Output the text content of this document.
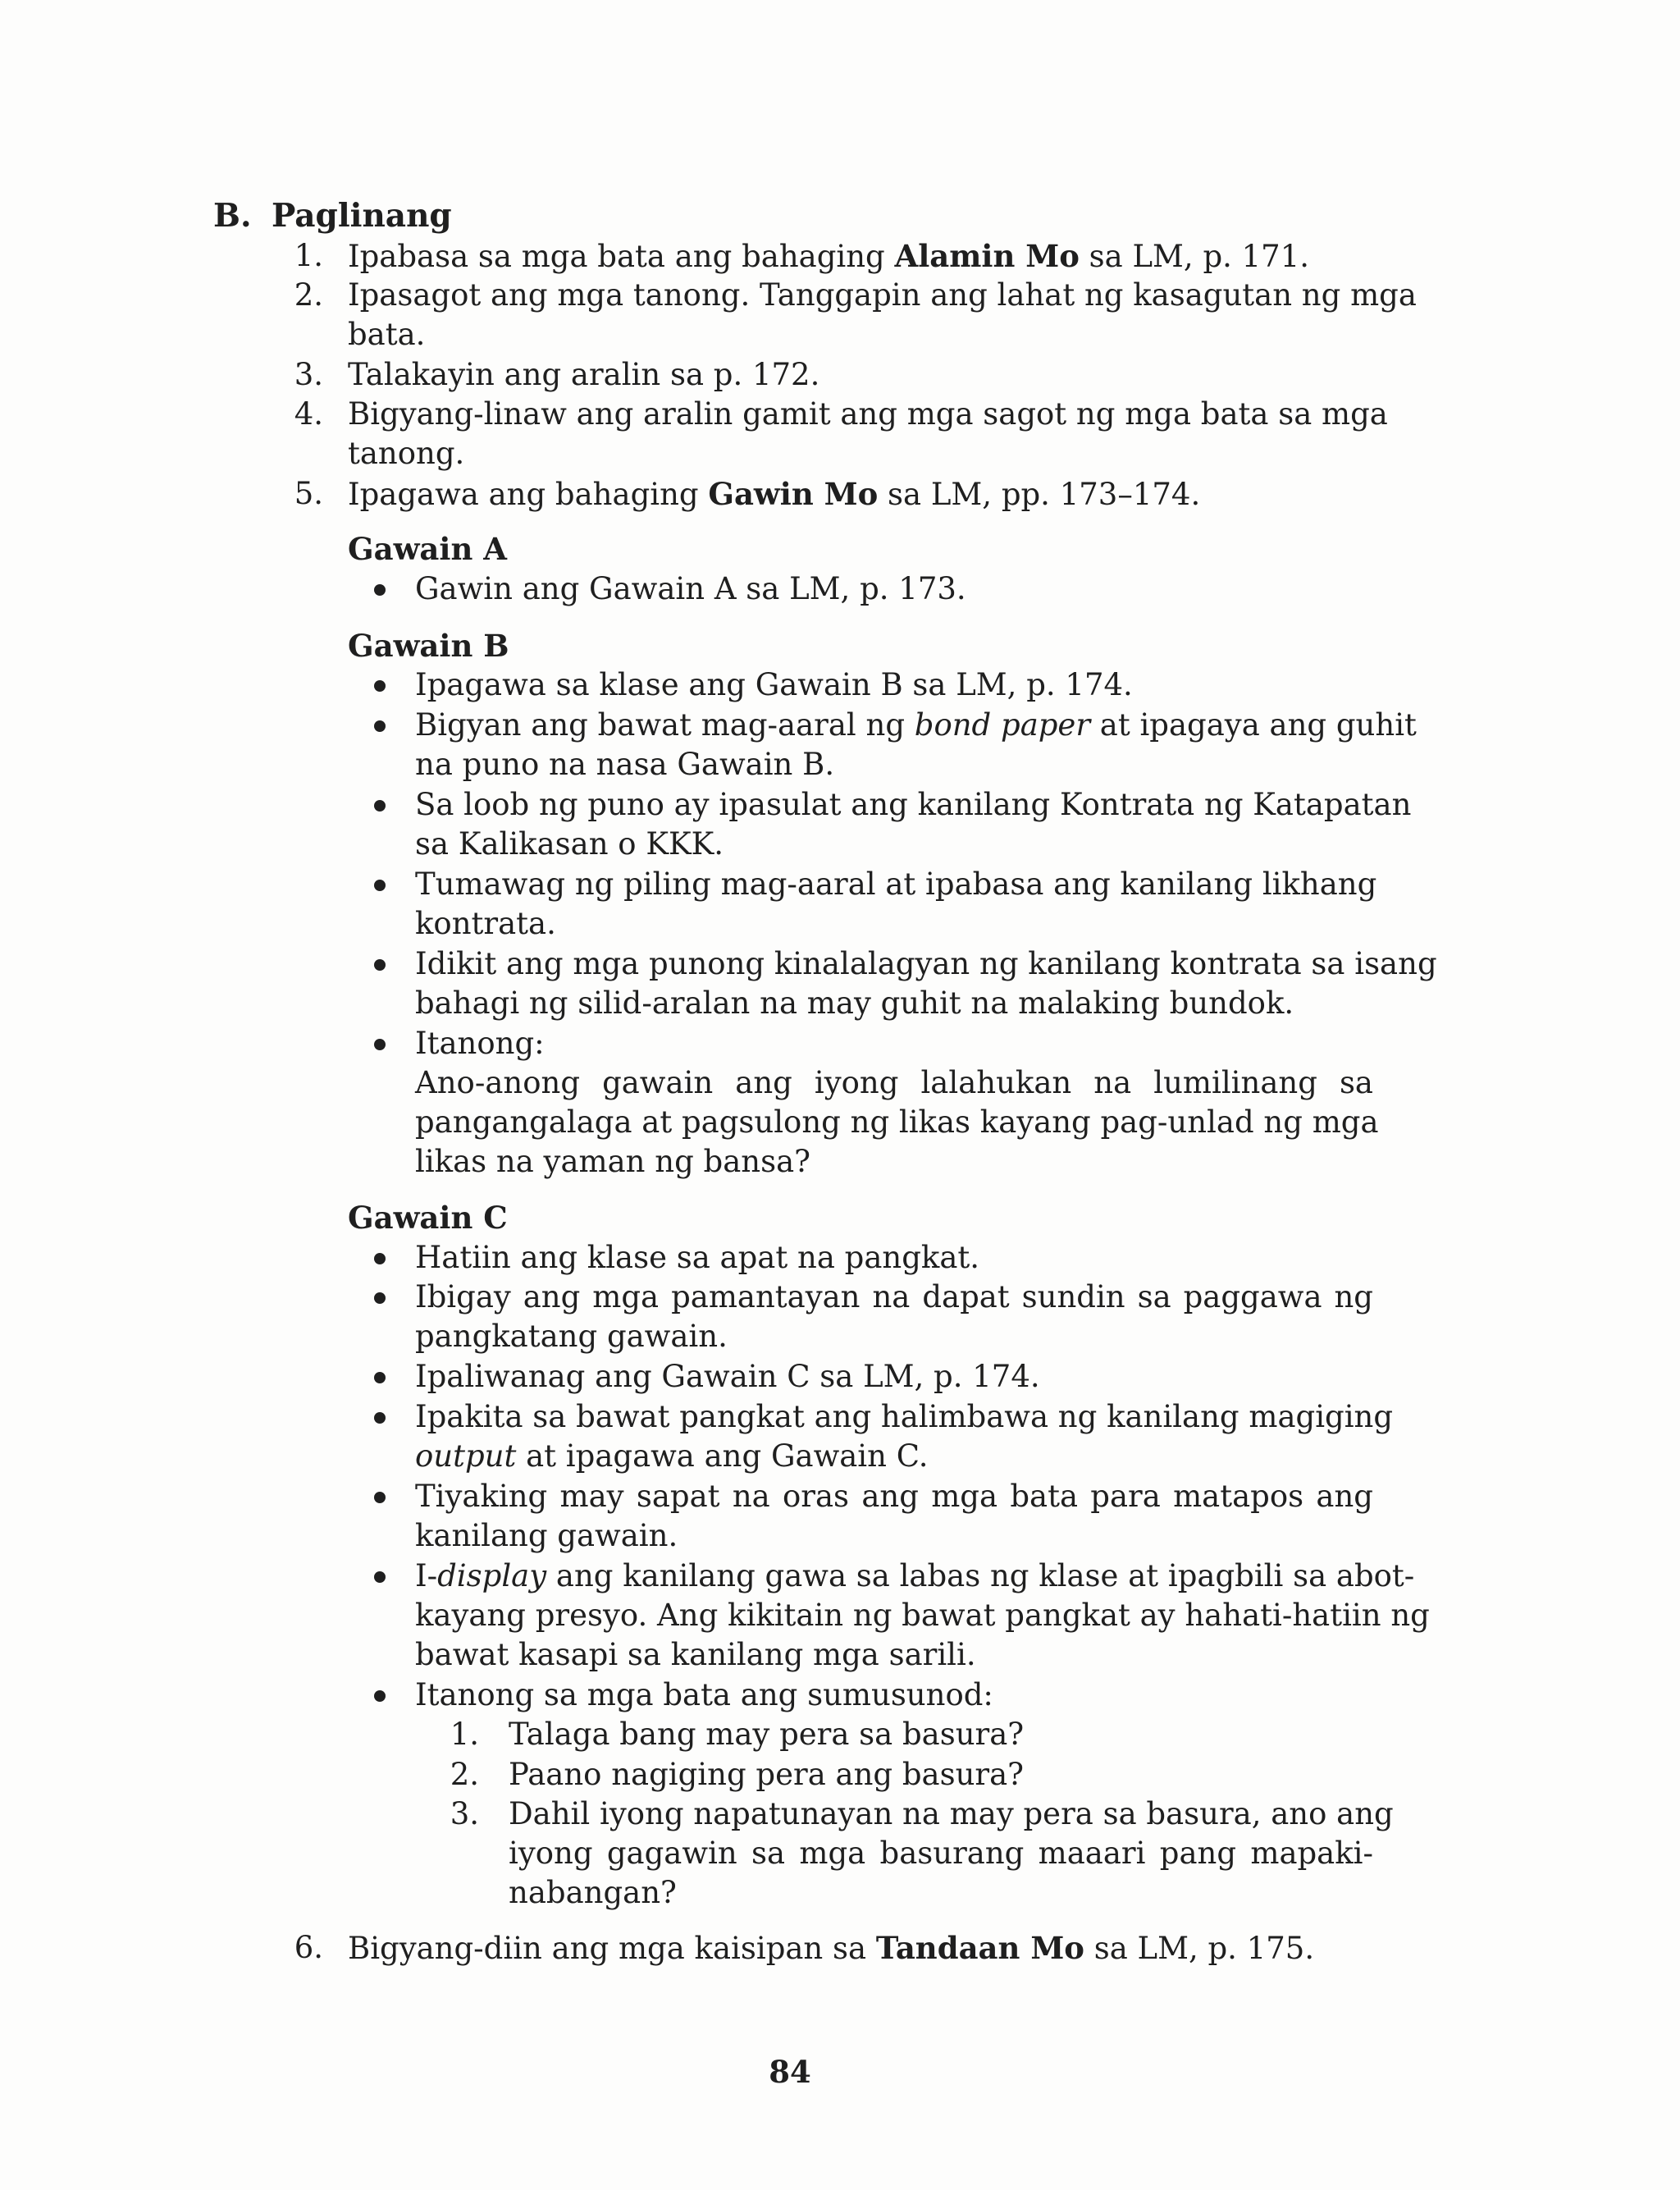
B. Paglinang
1. Ipabasa sa mga bata ang bahaging Alamin Mo sa LM, p. 171.
2. Ipasagot ang mga tanong. Tanggapin ang lahat ng kasagutan ng mga
bata.
3. Talakayin ang aralin sa p. 172.
4. Bigyang-linaw ang aralin gamit ang mga sagot ng mga bata sa mga
tanong.
5. Ipagawa ang bahaging Gawin Mo sa LM, pp. 173–174.
Gawain A
Gawin ang Gawain A sa LM, p. 173.
Gawain B
Ipagawa sa klase ang Gawain B sa LM, p. 174.
Bigyan ang bawat mag-aaral ng bond paper at ipagaya ang guhit
na puno na nasa Gawain B.
Sa loob ng puno ay ipasulat ang kanilang Kontrata ng Katapatan
sa Kalikasan o KKK.
Tumawag ng piling mag-aaral at ipabasa ang kanilang likhang
kontrata.
Idikit ang mga punong kinalalagyan ng kanilang kontrata sa isang
bahagi ng silid-aralan na may guhit na malaking bundok.
Itanong:
Ano-anong gawain ang iyong lalahukan na lumilinang sa
pangangalaga at pagsulong ng likas kayang pag-unlad ng mga
likas na yaman ng bansa?
Gawain C
Hatiin ang klase sa apat na pangkat.
Ibigay ang mga pamantayan na dapat sundin sa paggawa ng
pangkatang gawain.
Ipaliwanag ang Gawain C sa LM, p. 174.
Ipakita sa bawat pangkat ang halimbawa ng kanilang magiging
output at ipagawa ang Gawain C.
Tiyaking may sapat na oras ang mga bata para matapos ang
kanilang gawain.
I-display ang kanilang gawa sa labas ng klase at ipagbili sa abot-
kayang presyo. Ang kikitain ng bawat pangkat ay hahati-hatiin ng
bawat kasapi sa kanilang mga sarili.
Itanong sa mga bata ang sumusunod:
1. Talaga bang may pera sa basura?
2. Paano nagiging pera ang basura?
3. Dahil iyong napatunayan na may pera sa basura, ano ang
iyong gagawin sa mga basurang maaari pang mapaki-
nabangan?
6. Bigyang-diin ang mga kaisipan sa Tandaan Mo sa LM, p. 175.
84
